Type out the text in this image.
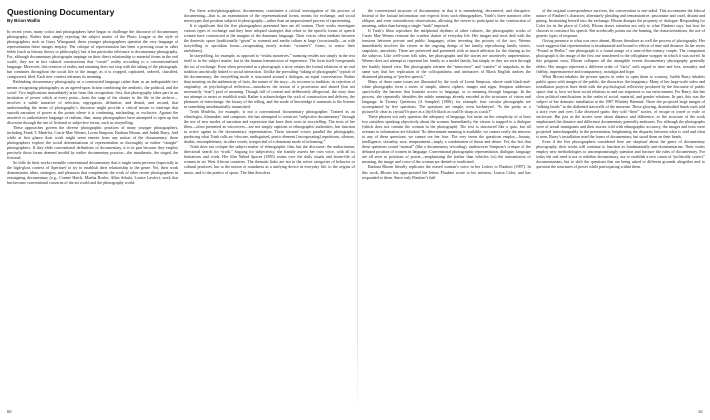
Questioning Documentary
By Brian Wallis

In recent years, many critics and photographers have begun to challenge the discourse of documentary photography. Rather than simply rejecting the subject matter of the Photo League or the style of photographers such as Garry Winogrand, these younger photographers question the very language of representation these images employ. The critique of representation has been a pressing issue in other fields (such as literary theory or philosophy), but it has particular relevance to documentary photography. For, although documentary photographs impinge on their direct relationship to material forms in the real world, they are in fact cultural constructions that “create” reality according to a conventionalized language. Moreover, this creation of reality and meaning does not stop with the taking of the photograph, but continues throughout the social life of the image, as it is cropped, captioned, ordered, classified, categorized, filed. Each new context reframes its meaning.

Rethinking documentary photography as a constructed language rather than as an indisputable fact means recognizing photography as an agreed-upon fiction combining the aesthetic, the political, and the social. Two implications immediately arise from this recognition: first, that photography takes part in an institution of power which at every point—from the snap of the shutter to the file in the archive—involves a subtle narrative of selection, segregation, definition, and denial; and second, that understanding the terms of photography’s discourse might provide a critical means to interrupt that smooth narration of power at the points where it is continuing, misleading, or exclusive. Against the assertive or authoritative language of realism, then, many photographers have attempted to open up this discourse through the use of fictional or subjective forms, such as storytelling.

These approaches govern the diverse photographic practices of many younger photographers, including Frank T. Minh-ha, Carrie Mae Weems, Lorna Simpson, Barbara Bloom, and Judith Barry. And while at first glance their work might seem remote from any notion of the documentary, these photographers explore the social determinations of representation as thoroughly as earlier “straight” photographers. If they elide conventional definitions of documentary, it is in part because they employ precisely those forms deemed invalid by earlier documentary practice—the inauthentic, the staged, the fictional.

So little do their works resemble conventional documentary that it might seem perverse (especially in the high-gloss context of Aperture) to try to establish their relationship to the genre. Yet, their work demonstrates ideas, strategies, and pleasures that complement the work of other recent photographers in reassigning documentary (e.g., Connie Hatch, Martha Rosler, Allan Sekula, Louise Lawler), work that has become conventional concerns of the art world and the photography world.

For these artist/photographers, documentary constitutes a critical investigation of the process of documenting—that is, an examination of the representational forms, means for exchange, and social stereotypes that position subjects in photography—rather than an unquestioned process of representing.

It is significant that the five photographers presented here are all women. Their works investigate various types of exchange and they have adopted strategies that relate to the specific forms of speech women have constructed at the margins of the dominant language. Their voices often mediate between the domestic space (traditionally “given” to women) and media culture at large (occasionally—as with storytelling or quotidian forms—recuperating nearly archaic “women’s” forms, to renew their usefulness).

In storytelling, for example, as opposed to “realist narratives,” meaning resides not simply in the text itself or in the subject matter, but in the human transmission of experience. The form itself foregrounds the act of exchange. Even when presented as a photograph, a story retains the formal relations of an oral tradition uncritically linked to social interaction. Unlike the prevailing “taking of photographs” typical of the documentary, the storytelling mode is structured around a dialogue, an equal conversation. Rather than insisting on the authenticity of facts, the nature of the story—its recourse to tradition, its rejection of originality, its psychological reflection—introduces the notion of a procession and shared (but not necessarily “true”) pool of meaning. Though full of content and deliberately allegorical, the story does not attempt to assert or establish truth. Rather it acknowledges the craft of construction and delivery, the pleasures of interchange, the luxury of the telling, and the mode of knowledge it transmits to the listener as something unsubstantially transmitted.

Trinh Minh-ha, for example, is not a conventional documentary photographer. Trained as an ethnologist, filmmaker, and composer, she has attempted to construct “subjective documentary” through the use of new modes of narration and expression that have their roots in storytelling. The texts of her films—often presented as voiceovers—are not simply captions or ethnographic authorities, but function as active agents in the documentary representation. These intoned voices parallel the photographs, producing what Trinh calls an “obscure, undisguised, poetic element [incorporating] repetitions, silences, doubts, incompleteness, in other words, irrespectful of a dominant mode of informing.”

Trinh does not critique the subject matter of ethnographic film, but the discourse: the authoritarian, directorial search for “truth.” Arguing for subjectivity, she frankly asserts her own voice, with all its hesitations and voids. Her film Naked Spaces (1985) roams over the daily rituals and house-life of women in six West African countries. The thematic links are not to the active categories of behavior or cultural practices, but to the notion of roundness as a unifying device in everyday life, to the origins of music, and to the poetics of space. The film dissolves

the conventional structure of documentary in that it is meandering, decentered, and disruptive. Instead of the factual information one expects from such ethnographies, Trinh’s three narrators offer oblique, and even contradictory observations, allowing the viewer to participate in the construction of meaning, rather than having a single “truth” imposed.

If Trinh’s films reproduce the antiphonal rhythms of other cultures, the photographic works of Carrie Mae Weems reiterate the cruelest chatter of everyday life. Her images and texts deal with the tensions between private and public languages, often inverting the priority of the two. Weems immediately involves the viewer in the ongoing doings of her family, reproducing family stories, snapshots, anecdotes. These are preserved and presented with as much affection for the sharing as for the subjects. Like well-worn folk tales, her photographs and the stories are assertively unpretentious. Weems does not attempt to represent her family as a model family, but simply as they are seen through her frankly biased view. Her photographs reframe the “innocence” and “candor” of snapshots, in the same way that her replication of the colloquialisms and intimacies of Black English undoes the distanced phrasing of “perfect speech.”

Many of these same issues are illustrated by the work of Lorna Simpson, whose stark black-and-white photographs form a series of simple, almost ciphers, images and signs. Simpson addresses specifically the barriers that frustrate access to language, or to meaning through language. In the process, she repeatedly identifies the subtle meanings already encoded in the structures of vision and language. In Twenty Questions (A Sampler) (1986), for example, four circular photographs are accompanied by five questions. The questions are simple, even hackneyed: “Is she pretty as a picture/Or clear as crystal/Or pure as a lily/Or black as coal/Or sharp as a tack?”

These phrases not only question the adequacy of language, but insist on the complicity of at least two outsiders speaking objectively about the woman. Immediately, the viewer is trapped in a dialogue (which does not contain the woman in the photograph). The text is structured like a quiz, but all avenues to information are blocked. No determinate meaning is available; we cannot verify the answers to any of these questions; we cannot see her face. The very terms the questions employ—beauty, intelligence, sexuality, race, temperament—imply a combination of threat and desire. Yet, the fact that these questions sound “normal” (like a documentary recording), underscores Simpson’s critique of the debased position of women in language. Conventional photographic representation, dialogue, language are all seen as positions of power—emphasizing the (rather than vehicles for) the transmission of meaning, the image and voice of the woman are denied or eradicated.

Barbara Bloom literally replicates the erased woman’s voice in her Letters to Flaubert (1987). In this work, Bloom has appropriated the letters Flaubert wrote to his mistress, Louise Colet, and has responded to them. Since only Flaubert’s half

of the original correspondence survives, the conversation is one-sided. This accentuates the bifocal nature of Flaubert’s character, alternately pleading and remonstrative, passionate and cruel, distant and pining. Insinuating herself into the exchange, Bloom disrupts the propriety of dialogue. Responding for Colet (or in the place of Colet), Bloom draws attention not only to what Flaubert says, but how he chooses to construct his speech. She acerbically points out the framing, the characterizations, the use of generic types of response.

Giving presence to what was once absent, Bloom literalizes as well the process of photography. Her work suggests that representation is insubstantial and bound to effects of time and distance. In her series “Found in Berlin,” one photograph is a found image of a turn-of-the-century couple. The companion photograph is the image of the first one transferred to the cellophane wrapper in which it was stored. In this poignant story, Bloom collapses all the intangible events documentary photography generally elides. Her images represent a different order of “facts” with regard to time and loss, sexuality and fidelity, impermanence and transparency, nostalgia and hope.

What Bloom inhabits the private spaces in order to open them to scrutiny, Judith Barry inhabits public space with images of the public, the discursive, the imaginary. Many of her large-scale video and installation projects have dealt with the psychological reflexivity produced by the discourse of public space, that is, how we bear social relations to and our responses to our environment. For Barry, this has clear political ramifications in the realm of social, material, and gender relations. In part, this was the subject of her dramatic installation at the 1987 Whitney Biennial. There she projected large images of “talking heads” in the darkened stairwells of the museum. These glowing, disembodied heads each told a story over and over. Like obsessed spirits they told “their” stories, of escape or travel or exile or enclosure. But just as the stories were about distance and difference, so the structure of the work emphasized the distance and difference documentary generally embraces. For although the photographs were of actual immigrants and their stories, told with ethnographic accuracy, the images and texts were projected interchangeably in the presentation, heightening the disparity between what is said and what is seen. Barry’s installation used the forms of documentary, but stood them on their heads.

Even if the five photographers considered here are skeptical about the genre of documentary photography, their works will continue to function as fundamentally anti-documentarian. Their works employ new methodologies to uncompromisingly question and fracture the rules of documentary. For today the real need is not to redefine documentary, nor to establish a new canon of “politically correct” documentarians, but to shift the questions that are being asked to different grounds altogether and to question the structures of power while participating within them.

60	61
